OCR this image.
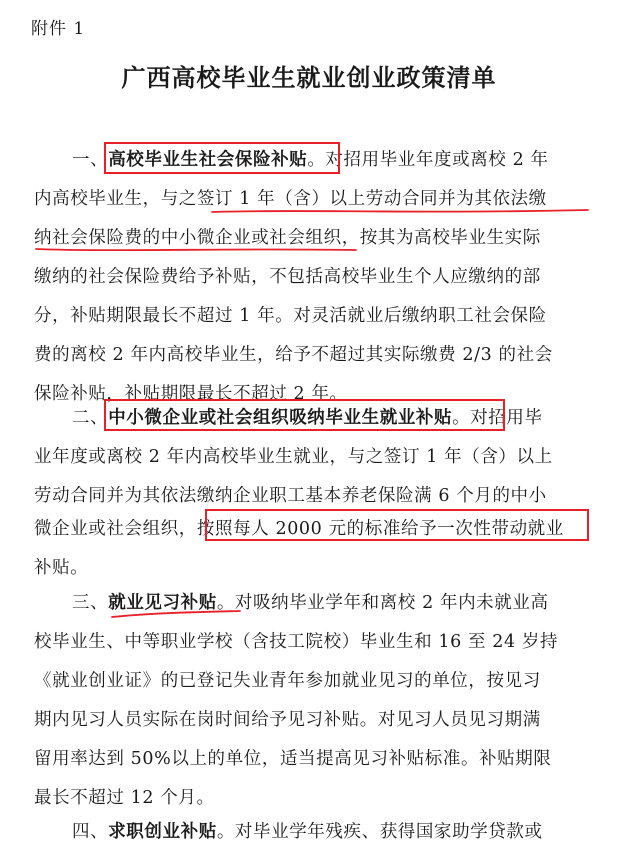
附件 1
广西高校毕业生就业创业政策清单
一、高校毕业生社会保险补贴。对招用毕业年度或离校 2 年
内高校毕业生，与之签订 1 年（含）以上劳动合同并为其依法缴
纳社会保险费的中小微企业或社会组织，按其为高校毕业生实际
缴纳的社会保险费给予补贴，不包括高校毕业生个人应缴纳的部
分，补贴期限最长不超过 1 年。对灵活就业后缴纳职工社会保险
费的离校 2 年内高校毕业生，给予不超过其实际缴费 2/3 的社会
保险补贴，补贴期限最长不超过 2 年。
二、中小微企业或社会组织吸纳毕业生就业补贴。对招用毕
业年度或离校 2 年内高校毕业生就业，与之签订 1 年（含）以上
劳动合同并为其依法缴纳企业职工基本养老保险满 6 个月的中小
微企业或社会组织，按照每人 2000 元的标准给予一次性带动就业
补贴。
三、就业见习补贴。对吸纳毕业学年和离校 2 年内未就业高
校毕业生、中等职业学校（含技工院校）毕业生和 16 至 24 岁持
《就业创业证》的已登记失业青年参加就业见习的单位，按见习
期内见习人员实际在岗时间给予见习补贴。对见习人员见习期满
留用率达到 50%以上的单位，适当提高见习补贴标准。补贴期限
最长不超过 12 个月。
四、求职创业补贴。对毕业学年残疾、获得国家助学贷款或
